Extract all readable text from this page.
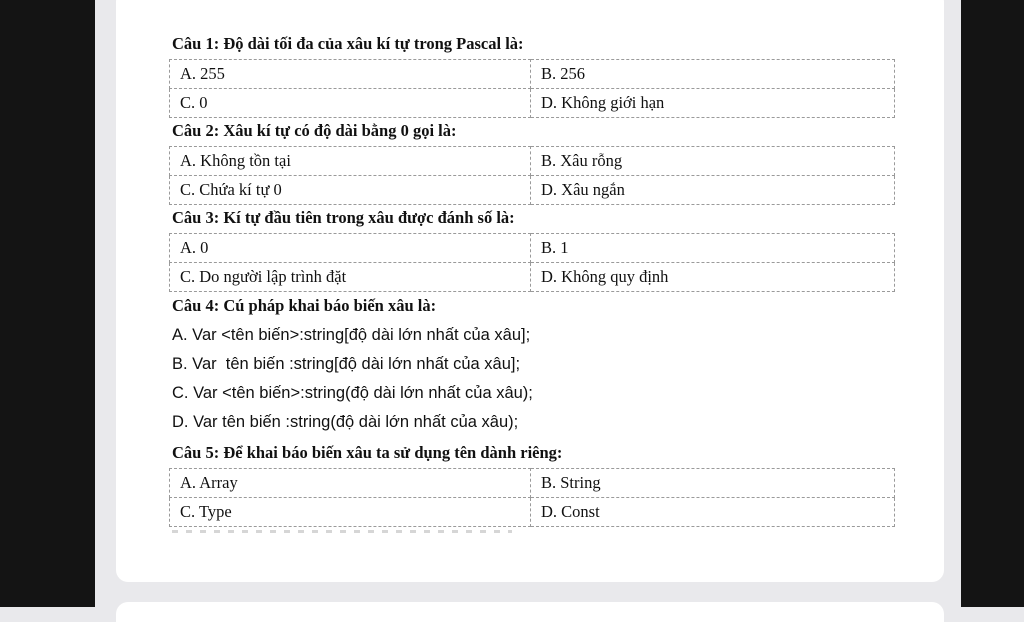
Câu 1: Độ dài tối đa của xâu kí tự trong Pascal là:
A. 255	B. 256
C. 0	D. Không giới hạn
Câu 2: Xâu kí tự có độ dài bằng 0 gọi là:
A. Không tồn tại	B. Xâu rỗng
C. Chứa kí tự 0	D. Xâu ngắn
Câu 3: Kí tự đầu tiên trong xâu được đánh số là:
A. 0	B. 1
C. Do người lập trình đặt	D. Không quy định
Câu 4: Cú pháp khai báo biến xâu là:
A. Var <tên biến>:string[độ dài lớn nhất của xâu];
B. Var  tên biến :string[độ dài lớn nhất của xâu];
C. Var <tên biến>:string(độ dài lớn nhất của xâu);
D. Var tên biến :string(độ dài lớn nhất của xâu);
Câu 5: Để khai báo biến xâu ta sử dụng tên dành riêng:
A. Array	B. String
C. Type	D. Const
